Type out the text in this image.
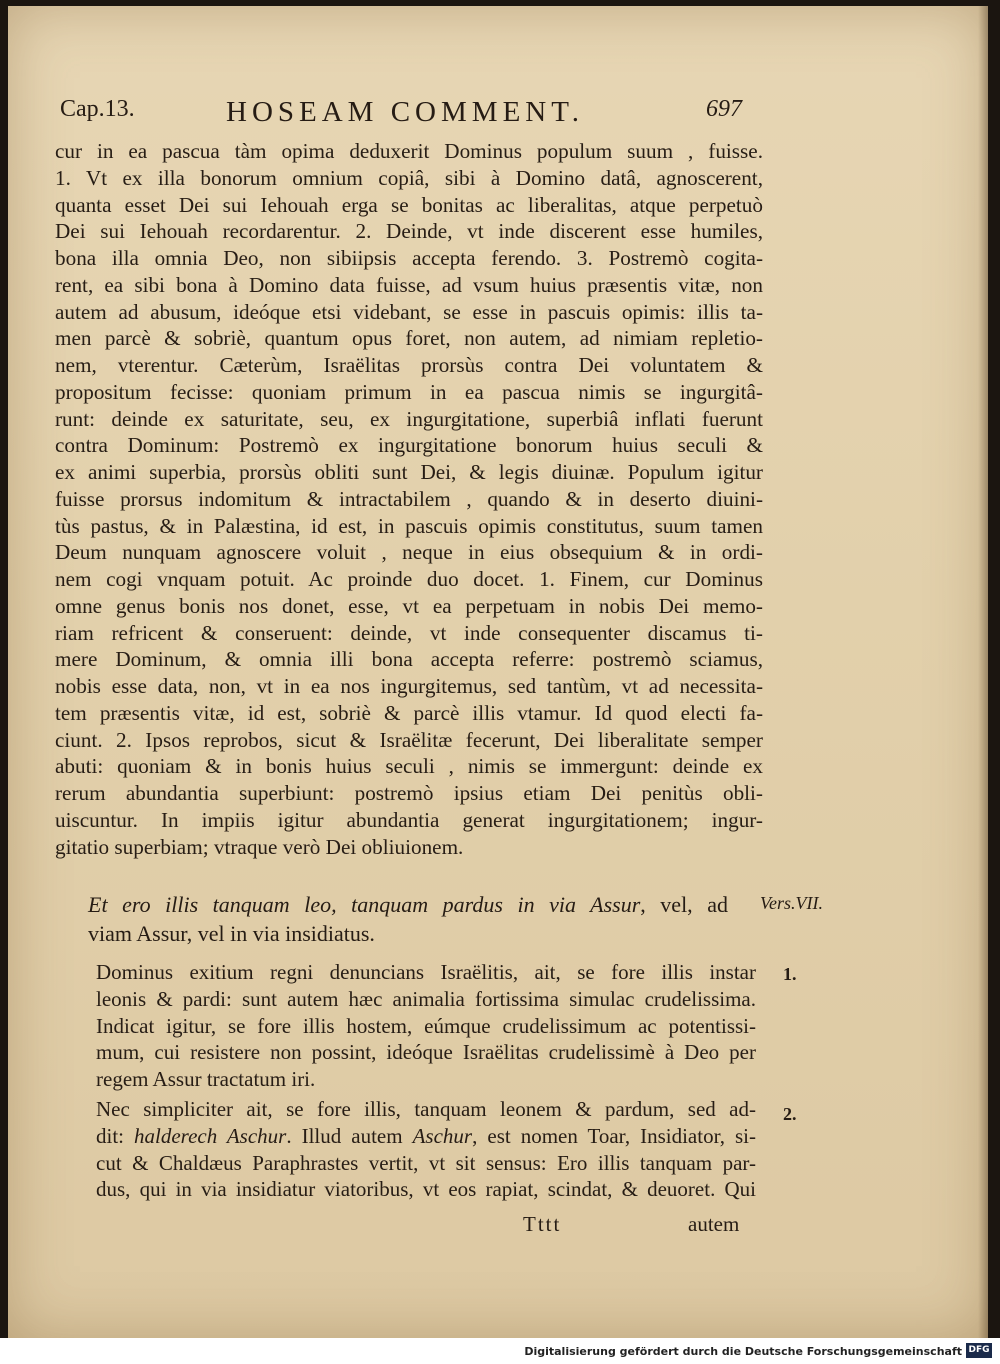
Cap.13.	HOSEAM COMMENT.	697
cur in ea pascua tàm opima deduxerit Dominus populum suum , fuisse.
1. Vt ex illa bonorum omnium copiâ, sibi à Domino datâ, agnoscerent,
quanta esset Dei sui Iehouah erga se bonitas ac liberalitas, atque perpetuò
Dei sui Iehouah recordarentur. 2. Deinde, vt inde discerent esse humiles,
bona illa omnia Deo, non sibiipsis accepta ferendo. 3. Postremò cogita-
rent, ea sibi bona à Domino data fuisse, ad vsum huius præsentis vitæ, non
autem ad abusum, ideóque etsi videbant, se esse in pascuis opimis: illis ta-
men parcè & sobriè, quantum opus foret, non autem, ad nimiam repletio-
nem, vterentur. Cæterùm, Israëlitas prorsùs contra Dei voluntatem &
propositum fecisse: quoniam primum in ea pascua nimis se ingurgitâ-
runt: deinde ex saturitate, seu, ex ingurgitatione, superbiâ inflati fuerunt
contra Dominum: Postremò ex ingurgitatione bonorum huius seculi &
ex animi superbia, prorsùs obliti sunt Dei, & legis diuinæ. Populum igitur
fuisse prorsus indomitum & intractabilem , quando & in deserto diuini-
tùs pastus, & in Palæstina, id est, in pascuis opimis constitutus, suum tamen
Deum nunquam agnoscere voluit , neque in eius obsequium & in ordi-
nem cogi vnquam potuit. Ac proinde duo docet. 1. Finem, cur Dominus
omne genus bonis nos donet, esse, vt ea perpetuam in nobis Dei memo-
riam refricent & conseruent: deinde, vt inde consequenter discamus ti-
mere Dominum, & omnia illi bona accepta referre: postremò sciamus,
nobis esse data, non, vt in ea nos ingurgitemus, sed tantùm, vt ad necessita-
tem præsentis vitæ, id est, sobriè & parcè illis vtamur. Id quod electi fa-
ciunt. 2. Ipsos reprobos, sicut & Israëlitæ fecerunt, Dei liberalitate semper
abuti: quoniam & in bonis huius seculi , nimis se immergunt: deinde ex
rerum abundantia superbiunt: postremò ipsius etiam Dei penitùs obli-
uiscuntur. In impiis igitur abundantia generat ingurgitationem; ingur-
gitatio superbiam; vtraque verò Dei obliuionem.
Et ero illis tanquam leo, tanquam pardus in via Assur, vel, ad
viam Assur, vel in via insidiatus.
Vers.VII.
Dominus exitium regni denuncians Israëlitis, ait, se fore illis instar
leonis & pardi: sunt autem hæc animalia fortissima simulac crudelissima.
Indicat igitur, se fore illis hostem, eúmque crudelissimum ac potentissi-
mum, cui resistere non possint, ideóque Israëlitas crudelissimè à Deo per
regem Assur tractatum iri.
1.
Nec simpliciter ait, se fore illis, tanquam leonem & pardum, sed ad-
dit: halderech Aschur. Illud autem Aschur, est nomen Toar, Insidiator, si-
cut & Chaldæus Paraphrastes vertit, vt sit sensus: Ero illis tanquam par-
dus, qui in via insidiatur viatoribus, vt eos rapiat, scindat, & deuoret. Qui
2.
Tttt	autem
Digitalisierung gefördert durch die Deutsche Forschungsgemeinschaft DFG
